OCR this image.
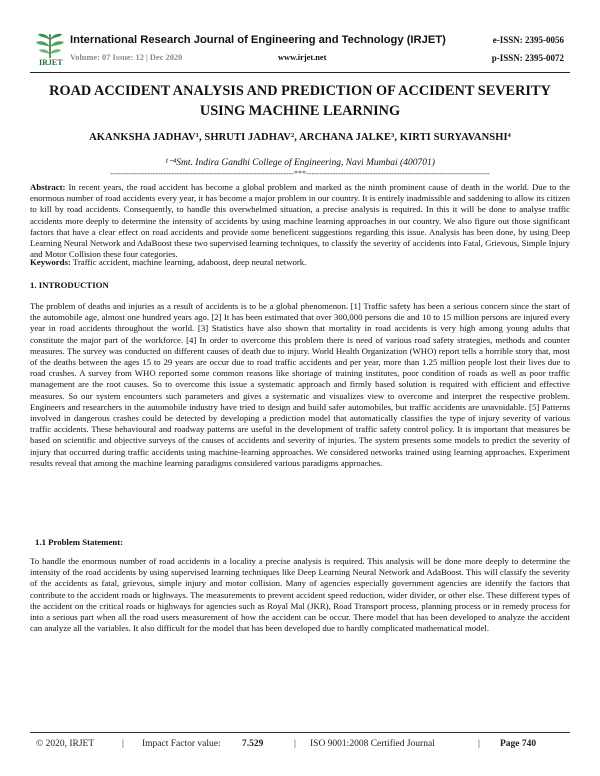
IRJET
International Research Journal of Engineering and Technology (IRJET)	e-ISSN: 2395-0056
Volume: 07 Issue: 12 | Dec 2020	www.irjet.net	p-ISSN: 2395-0072
ROAD ACCIDENT ANALYSIS AND PREDICTION OF ACCIDENT SEVERITY
USING MACHINE LEARNING
AKANKSHA JADHAV¹, SHRUTI JADHAV², ARCHANA JALKE³, KIRTI SURYAVANSHI⁴
¹⁻⁴Smt. Indira Gandhi College of Engineering, Navi Mumbai (400701)
---------------------------------------------------------------------***---------------------------------------------------------------------
Abstract: In recent years, the road accident has become a global problem and marked as the ninth prominent cause of death in the world. Due to the enormous number of road accidents every year, it has become a major problem in our country. It is entirely inadmissible and saddening to allow its citizen to kill by road accidents. Consequently, to handle this overwhelmed situation, a precise analysis is required. In this it will be done to analyse traffic accidents more deeply to determine the intensity of accidents by using machine learning approaches in our country. We also figure out those significant factors that have a clear effect on road accidents and provide some beneficent suggestions regarding this issue. Analysis has been done, by using Deep Learning Neural Network and AdaBoost these two supervised learning techniques, to classify the severity of accidents into Fatal, Grievous, Simple Injury and Motor Collision these four categories.
Keywords: Traffic accident, machine learning, adaboost, deep neural network.
1. INTRODUCTION
The problem of deaths and injuries as a result of accidents is to be a global phenomenon. [1] Traffic safety has been a serious concern since the start of the automobile age, almost one hundred years ago. [2] It has been estimated that over 300,000 persons die and 10 to 15 million persons are injured every year in road accidents throughout the world. [3] Statistics have also shown that mortality in road accidents is very high among young adults that constitute the major part of the workforce. [4] In order to overcome this problem there is need of various road safety strategies, methods and counter measures. The survey was conducted on different causes of death due to injury. World Health Organization (WHO) report tells a horrible story that, most of the deaths between the ages 15 to 29 years are occur due to road traffic accidents and per year, more than 1.25 million people lost their lives due to road crashes. A survey from WHO reported some common reasons like shortage of training institutes, poor condition of roads as well as poor traffic management are the root causes. So to overcome this issue a systematic approach and firmly based solution is required with efficient and effective measures. So our system encounters such parameters and gives a systematic and visualizes view to overcome and interpret the respective problem. Engineers and researchers in the automobile industry have tried to design and build safer automobiles, but traffic accidents are unavoidable. [5] Patterns involved in dangerous crashes could be detected by developing a prediction model that automatically classifies the type of injury severity of various traffic accidents. These behavioural and roadway patterns are useful in the development of traffic safety control policy. It is important that measures be based on scientific and objective surveys of the causes of accidents and severity of injuries. The system presents some models to predict the severity of injury that occurred during traffic accidents using machine-learning approaches. We considered networks trained using learning approaches. Experiment results reveal that among the machine learning paradigms considered various paradigms approaches.
1.1 Problem Statement:
To handle the enormous number of road accidents in a locality a precise analysis is required. This analysis will be done more deeply to determine the intensity of the road accidents by using supervised learning techniques like Deep Learning Neural Network and AdaBoost. This will classify the severity of the accidents as fatal, grievous, simple injury and motor collision. Many of agencies especially government agencies are identify the factors that contribute to the accident roads or highways. The measurements to prevent accident speed reduction, wider divider, or other else. These different types of the accident on the critical roads or highways for agencies such as Royal Mal (JKR), Road Transport process, planning process or in remedy process for into a serious part when all the road users measurement of how the accident can be occur. There model that has been developed to analyze the accident can analyze all the variables. It also difficult for the model that has been developed due to hardly complicated mathematical model.
© 2020, IRJET	| Impact Factor value: 7.529	| ISO 9001:2008 Certified Journal	| Page 740
